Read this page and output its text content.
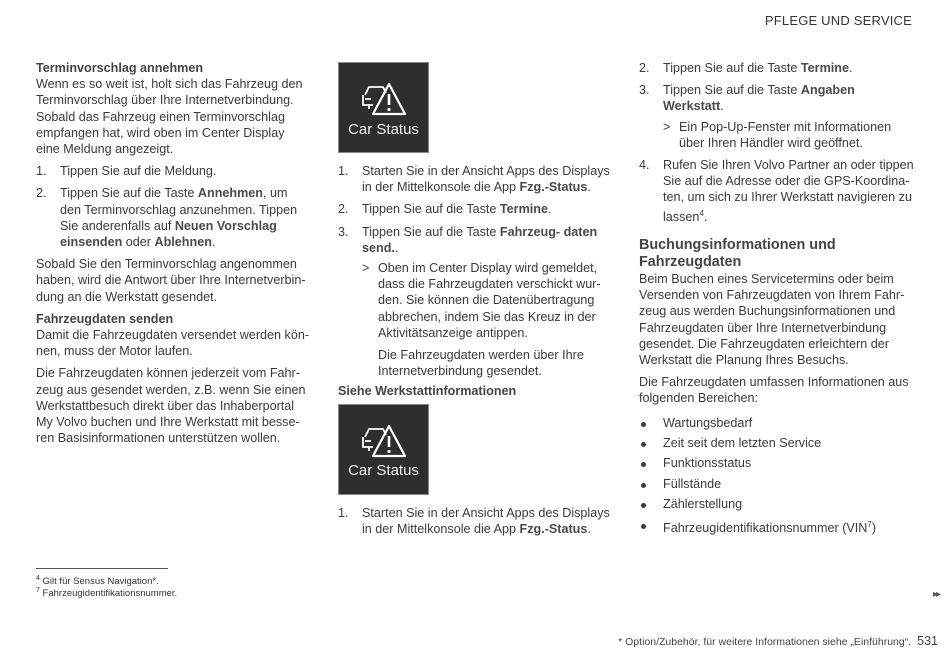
PFLEGE UND SERVICE
Terminvorschlag annehmen

Wenn es so weit ist, holt sich das Fahrzeug den Terminvorschlag über Ihre Internetverbindung. Sobald das Fahrzeug einen Terminvorschlag empfangen hat, wird oben im Center Display eine Meldung angezeigt.

1. Tippen Sie auf die Meldung.
2. Tippen Sie auf die Taste Annehmen, um den Terminvorschlag anzunehmen. Tippen Sie anderenfalls auf Neuen Vorschlag einsenden oder Ablehnen.

Sobald Sie den Terminvorschlag angenommen haben, wird die Antwort über Ihre Internetverbindung an die Werkstatt gesendet.

Fahrzeugdaten senden

Damit die Fahrzeugdaten versendet werden können, muss der Motor laufen.

Die Fahrzeugdaten können jederzeit vom Fahrzeug aus gesendet werden, z.B. wenn Sie einen Werkstattbesuch direkt über das Inhaberportal My Volvo buchen und Ihre Werkstatt mit besseren Basisinformationen unterstützen wollen.

Car Status
1. Starten Sie in der Ansicht Apps des Displays in der Mittelkonsole die App Fzg.-Status.
2. Tippen Sie auf die Taste Termine.
3. Tippen Sie auf die Taste Fahrzeug- daten send..
> Oben im Center Display wird gemeldet, dass die Fahrzeugdaten verschickt wurden. Sie können die Datenübertragung abbrechen, indem Sie das Kreuz in der Aktivitätsanzeige antippen.
Die Fahrzeugdaten werden über Ihre Internetverbindung gesendet.
Siehe Werkstattinformationen
Car Status
1. Starten Sie in der Ansicht Apps des Displays in der Mittelkonsole die App Fzg.-Status.
2. Tippen Sie auf die Taste Termine.
3. Tippen Sie auf die Taste Angaben Werkstatt.
> Ein Pop-Up-Fenster mit Informationen über Ihren Händler wird geöffnet.
4. Rufen Sie Ihren Volvo Partner an oder tippen Sie auf die Adresse oder die GPS-Koordinaten, um sich zu Ihrer Werkstatt navigieren zu lassen$^4$.
Buchungsinformationen und Fahrzeugdaten

Beim Buchen eines Servicetermins oder beim Versenden von Fahrzeugdaten von Ihrem Fahrzeug aus werden Buchungsinformationen und Fahrzeugdaten über Ihre Internetverbindung gesendet. Die Fahrzeugdaten erleichtern der Werkstatt die Planung Ihres Besuchs.

Die Fahrzeugdaten umfassen Informationen aus folgenden Bereichen:

Wartungsbedarf
Zeit seit dem letzten Service
Funktionsstatus
Füllstände
Zählerstellung
Fahrzeugidentifikationsnummer (VIN$^7$)
$^4$ Gilt für Sensus Navigation*.
$^7$ Fahrzeugidentifikationsnummer.	▸▸
* Option/Zubehör, für weitere Informationen siehe „Einführung“. 531
